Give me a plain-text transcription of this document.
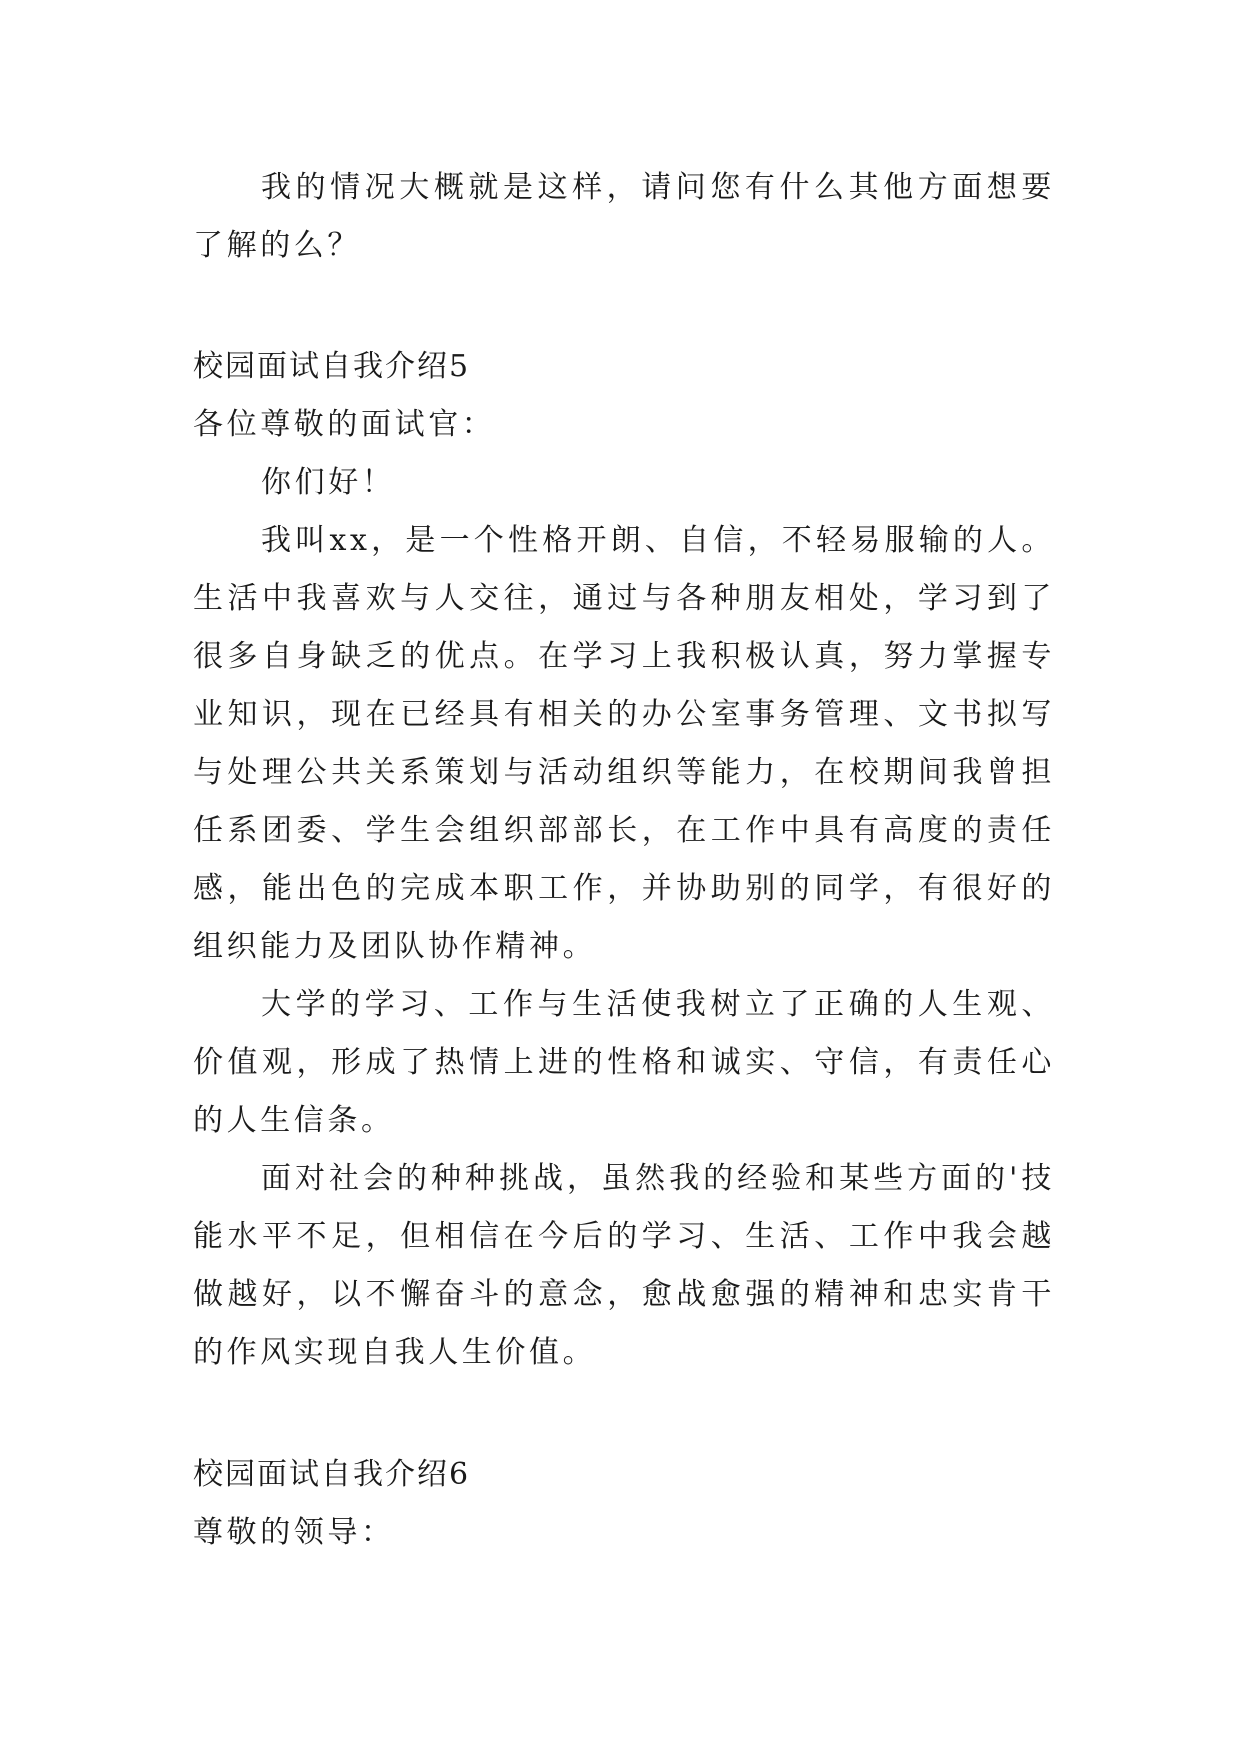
我的情况大概就是这样，请问您有什么其他方面想要了解的么？

校园面试自我介绍5

各位尊敬的面试官：

你们好！

我叫xx，是一个性格开朗、自信，不轻易服输的人。生活中我喜欢与人交往，通过与各种朋友相处，学习到了很多自身缺乏的优点。在学习上我积极认真，努力掌握专业知识，现在已经具有相关的办公室事务管理、文书拟写与处理公共关系策划与活动组织等能力，在校期间我曾担任系团委、学生会组织部部长，在工作中具有高度的责任感，能出色的完成本职工作，并协助别的同学，有很好的组织能力及团队协作精神。

大学的学习、工作与生活使我树立了正确的人生观、价值观，形成了热情上进的性格和诚实、守信，有责任心的人生信条。

面对社会的种种挑战，虽然我的经验和某些方面的'技能水平不足，但相信在今后的学习、生活、工作中我会越做越好，以不懈奋斗的意念，愈战愈强的精神和忠实肯干的作风实现自我人生价值。

校园面试自我介绍6

尊敬的领导：
